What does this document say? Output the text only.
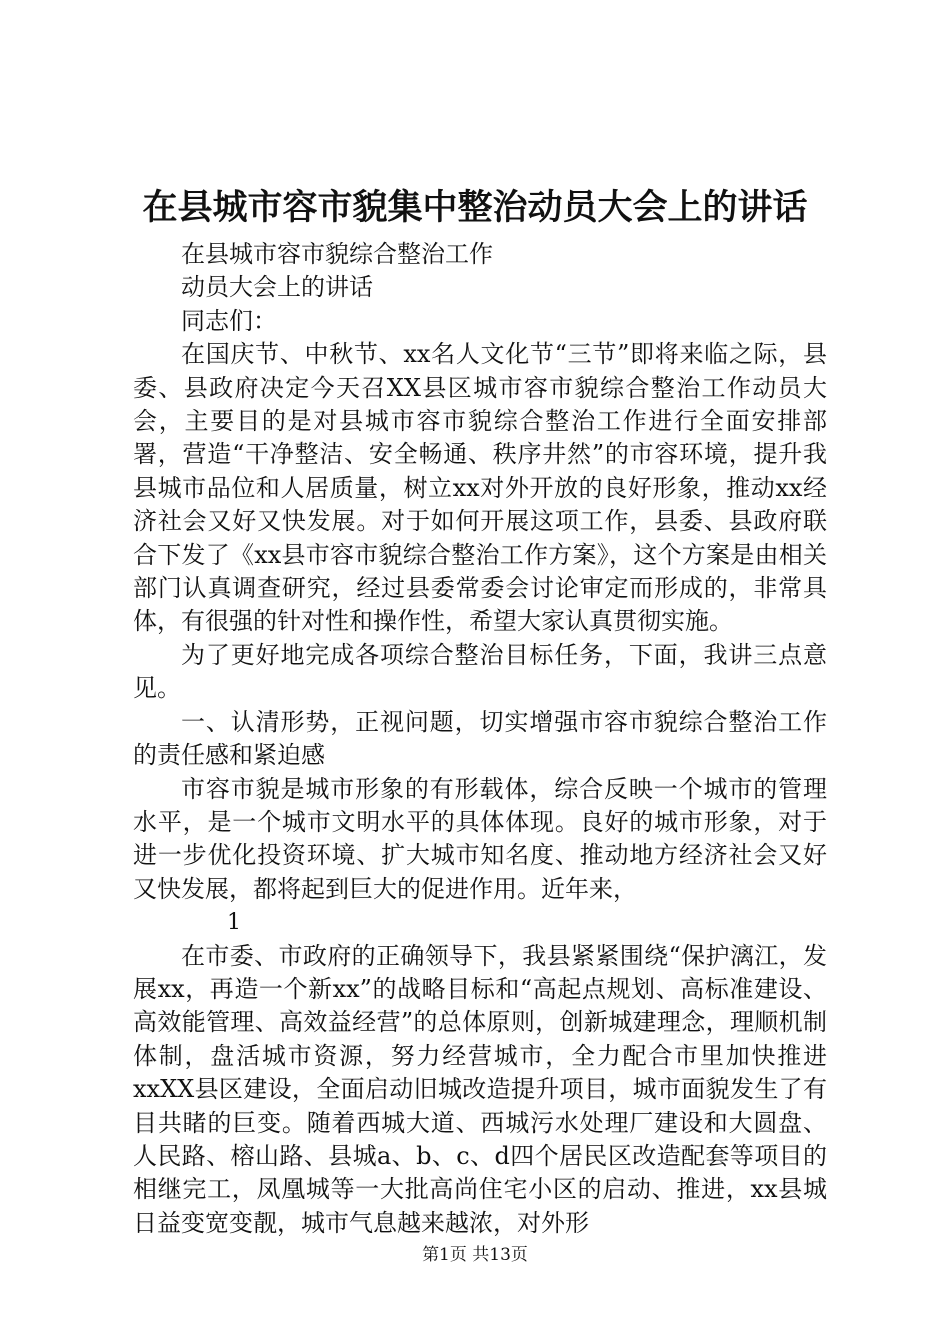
在县城市容市貌集中整治动员大会上的讲话

在县城市容市貌综合整治工作

动员大会上的讲话

同志们：

在国庆节、中秋节、xx名人文化节“三节”即将来临之际，县委、县政府决定今天召XX县区城市容市貌综合整治工作动员大会，主要目的是对县城市容市貌综合整治工作进行全面安排部署，营造“干净整洁、安全畅通、秩序井然”的市容环境，提升我县城市品位和人居质量，树立xx对外开放的良好形象，推动xx经济社会又好又快发展。对于如何开展这项工作，县委、县政府联合下发了《xx县市容市貌综合整治工作方案》，这个方案是由相关部门认真调查研究，经过县委常委会讨论审定而形成的，非常具体，有很强的针对性和操作性，希望大家认真贯彻实施。

为了更好地完成各项综合整治目标任务，下面，我讲三点意见。

一、认清形势，正视问题，切实增强市容市貌综合整治工作的责任感和紧迫感

市容市貌是城市形象的有形载体，综合反映一个城市的管理水平，是一个城市文明水平的具体体现。良好的城市形象，对于进一步优化投资环境、扩大城市知名度、推动地方经济社会又好又快发展，都将起到巨大的促进作用。近年来，

1

在市委、市政府的正确领导下，我县紧紧围绕“保护漓江，发展xx，再造一个新xx”的战略目标和“高起点规划、高标准建设、高效能管理、高效益经营”的总体原则，创新城建理念，理顺机制体制，盘活城市资源，努力经营城市，全力配合市里加快推进xxXX县区建设，全面启动旧城改造提升项目，城市面貌发生了有目共睹的巨变。随着西城大道、西城污水处理厂建设和大圆盘、人民路、榕山路、县城a、b、c、d四个居民区改造配套等项目的相继完工，凤凰城等一大批高尚住宅小区的启动、推进，xx县城日益变宽变靓，城市气息越来越浓，对外形

第1页 共13页
